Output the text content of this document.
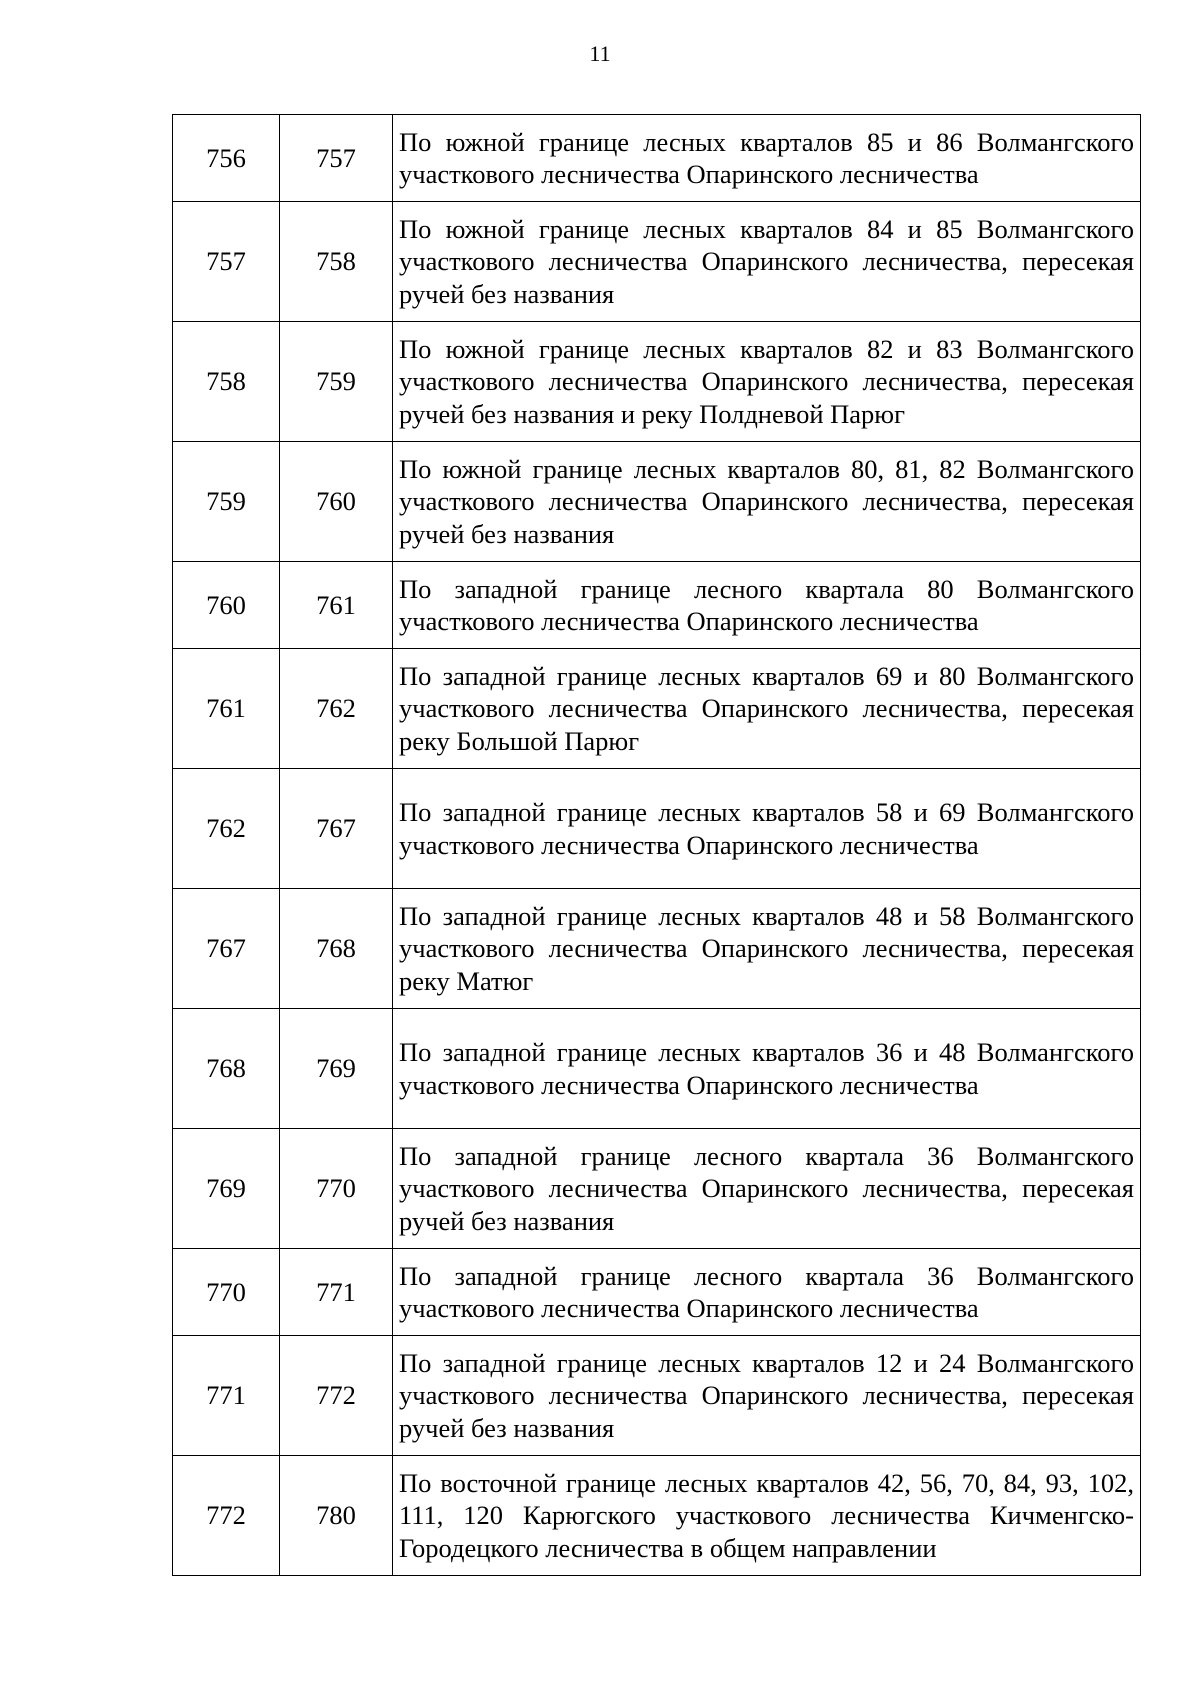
11
756	757	По южной границе лесных кварталов 85 и 86 Волмангского участкового лесничества Опаринского лесничества
757	758	По южной границе лесных кварталов 84 и 85 Волмангского участкового лесничества Опаринского лесничества, пересекая ручей без названия
758	759	По южной границе лесных кварталов 82 и 83 Волмангского участкового лесничества Опаринского лесничества, пересекая ручей без названия и реку Полдневой Парюг
759	760	По южной границе лесных кварталов 80, 81, 82 Волмангского участкового лесничества Опаринского лесничества, пересекая ручей без названия
760	761	По западной границе лесного квартала 80 Волмангского участкового лесничества Опаринского лесничества
761	762	По западной границе лесных кварталов 69 и 80 Волмангского участкового лесничества Опаринского лесничества, пересекая реку Большой Парюг
762	767	По западной границе лесных кварталов 58 и 69 Волмангского участкового лесничества Опаринского лесничества
767	768	По западной границе лесных кварталов 48 и 58 Волмангского участкового лесничества Опаринского лесничества, пересекая реку Матюг
768	769	По западной границе лесных кварталов 36 и 48 Волмангского участкового лесничества Опаринского лесничества
769	770	По западной границе лесного квартала 36 Волмангского участкового лесничества Опаринского лесничества, пересекая ручей без названия
770	771	По западной границе лесного квартала 36 Волмангского участкового лесничества Опаринского лесничества
771	772	По западной границе лесных кварталов 12 и 24 Волмангского участкового лесничества Опаринского лесничества, пересекая ручей без названия
772	780	По восточной границе лесных кварталов 42, 56, 70, 84, 93, 102, 111, 120 Карюгского участкового лесничества Кичменгско-Городецкого лесничества в общем направлении
